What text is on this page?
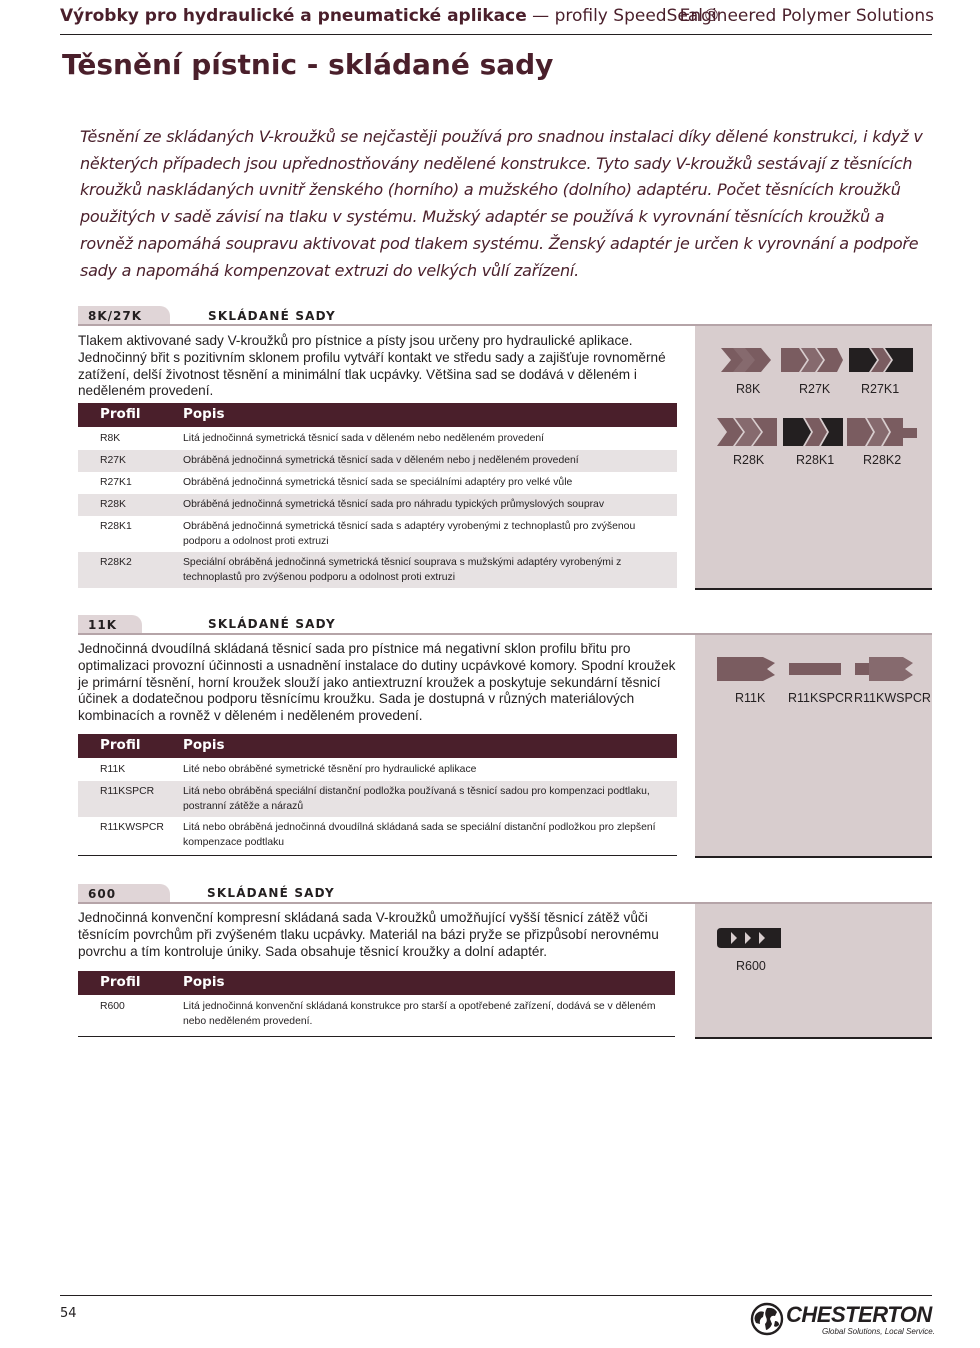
Výrobky pro hydraulické a pneumatické aplikace — profily SpeedSeal®
Engineered Polymer Solutions
Těsnění pístnic - skládané sady
Těsnění ze skládaných V-kroužků se nejčastěji používá pro snadnou instalaci díky dělené konstrukci, i když v některých případech jsou upřednostňovány nedělené konstrukce. Tyto sady V-kroužků sestávají z těsnících kroužků naskládaných uvnitř ženského (horního) a mužského (dolního) adaptéru. Počet těsnících kroužků použitých v sadě závisí na tlaku v systému. Mužský adaptér se používá k vyrovnání těsnících kroužků a rovněž napomáhá soupravu aktivovat pod tlakem systému. Ženský adaptér je určen k vyrovnání a podpoře sady a napomáhá kompenzovat extruzi do velkých vůlí zařízení.
8K/27K	SKLÁDANÉ SADY
Tlakem aktivované sady V-kroužků pro pístnice a písty jsou určeny pro hydraulické aplikace. Jednočinný břit s pozitivním sklonem profilu vytváří kontakt ve středu sady a zajišťuje rovnoměrné zatížení, delší životnost těsnění a minimální tlak ucpávky. Většina sad se dodává v děleném i neděleném provedení.
Profil	Popis
R8K	Litá jednočinná symetrická těsnicí sada v děleném nebo neděleném provedení
R27K	Obráběná jednočinná symetrická těsnicí sada v děleném nebo j neděleném provedení
R27K1	Obráběná jednočinná symetrická těsnicí sada se speciálními adaptéry pro velké vůle
R28K	Obráběná jednočinná symetrická těsnicí sada pro náhradu typických průmyslových souprav
R28K1	Obráběná jednočinná symetrická těsnicí sada s adaptéry vyrobenými z technoplastů pro zvýšenou podporu a odolnost proti extruzi
R28K2	Speciální obráběná jednočinná symetrická těsnicí souprava s mužskými adaptéry vyrobenými z technoplastů pro zvýšenou podporu a odolnost proti extruzi
R8K	R27K R27K1
R28K	R28K1 R28K2
11K	SKLÁDANÉ SADY
Jednočinná dvoudílná skládaná těsnicí sada pro pístnice má negativní sklon profilu břitu pro optimalizaci provozní účinnosti a usnadnění instalace do dutiny ucpávkové komory. Spodní kroužek je primární těsnění, horní kroužek slouží jako antiextruzní kroužek a poskytuje sekundární těsnicí účinek a dodatečnou podporu těsnícímu kroužku. Sada je dostupná v různých materiálových kombinacích a rovněž v děleném i neděleném provedení.
Profil	Popis
R11K	Lité nebo obráběné symetrické těsnění pro hydraulické aplikace
R11KSPCR	Litá nebo obráběná speciální distanční podložka používaná s těsnicí sadou pro kompenzaci podtlaku, postranní zátěže a nárazů
R11KWSPCR Litá nebo obráběná jednočinná dvoudílná skládaná sada se speciální distanční podložkou pro zlepšení kompenzace podtlaku
R11K R11KSPCR R11KWSPCR
600	SKLÁDANÉ SADY
Jednočinná konvenční kompresní skládaná sada V-kroužků umožňující vyšší těsnicí zátěž vůči těsnícím povrchům při zvýšeném tlaku ucpávky. Materiál na bázi pryže se přizpůsobí nerovnému povrchu a tím kontroluje úniky. Sada obsahuje těsnicí kroužky a dolní adaptér.
Profil	Popis
R600	Litá jednočinná konvenční skládaná konstrukce pro starší a opotřebené zařízení, dodává se v děleném nebo neděleném provedení.
R600
54	CHESTERTON
Global Solutions, Local Service.
